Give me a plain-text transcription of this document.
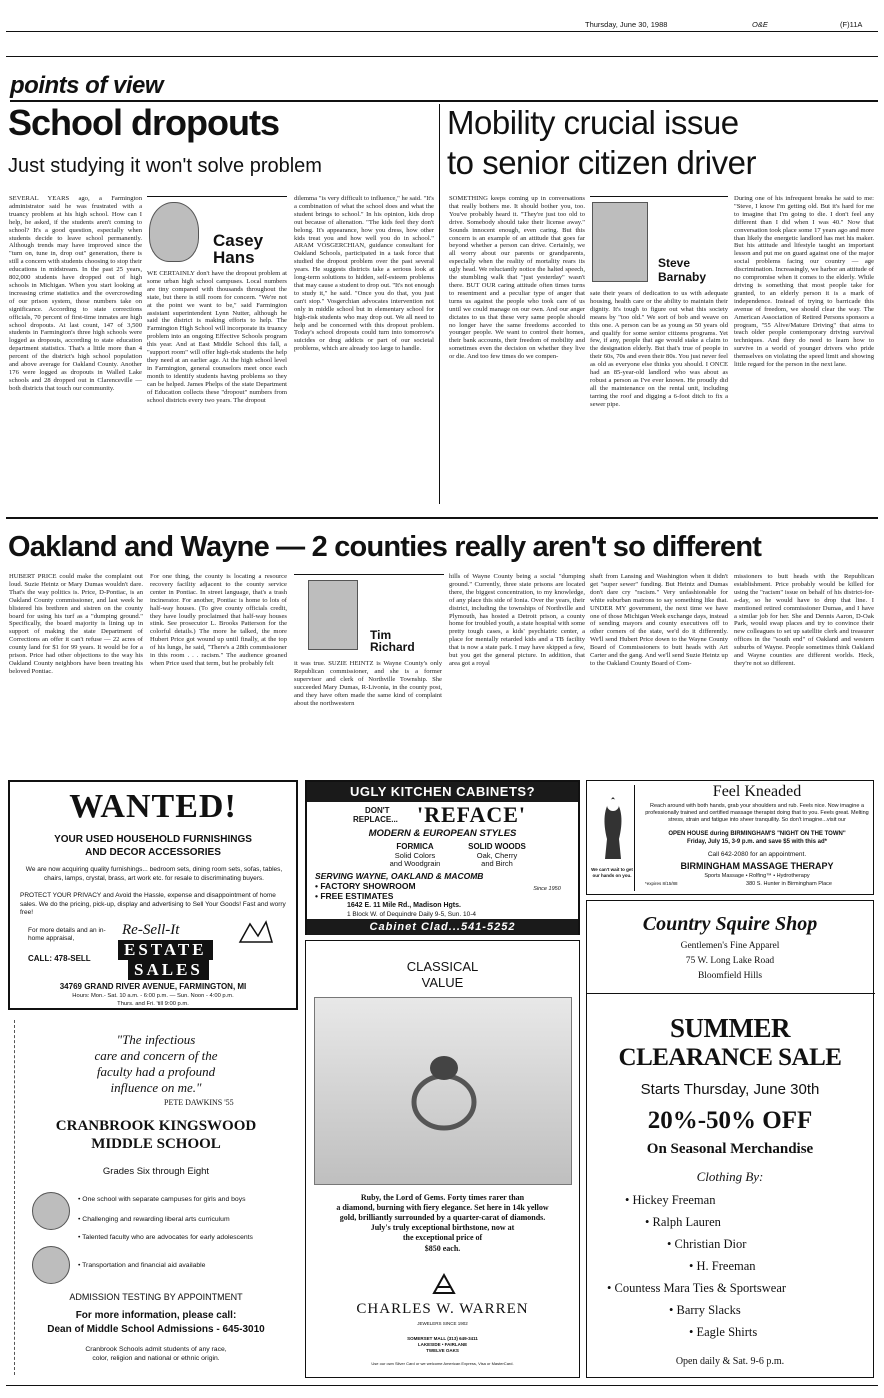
Thursday, June 30, 1988	O&E	(F)11A
points of view
School dropouts
Just studying it won't solve problem
SEVERAL YEARS ago, a Farmington administrator said he was frustrated with a truancy problem at his high school. How can I help, he asked, if the students aren't coming to school? It's a good question, especially when students decide to leave school permanently. Although trends may have improved since the "turn on, tune in, drop out" generation, there is still a concern with students choosing to stop their educations in midstream. In the past 25 years, 802,000 students have dropped out of high schools in Michigan. When you start looking at increasing crime statistics and the overcrowding of our prison system, those numbers take on significance. According to state corrections officials, 70 percent of first-time inmates are high school dropouts. At last count, 147 of 3,500 students in Farmington's three high schools were logged as dropouts, according to state education department statistics. That's a little more than 4 percent of the district's high school population and above average for Oakland County. Another 176 were logged as dropouts in Walled Lake schools and 28 dropped out in Clarenceville — both districts that touch our community.
Casey
Hans
WE CERTAINLY don't have the dropout problem at some urban high school campuses. Local numbers are tiny compared with thousands throughout the state, but there is still room for concern. "We're not at the point we want to be," said Farmington assistant superintendent Lynn Nutter, although he said the district is making efforts to help. The Farmington High School will incorporate its truancy problem into an ongoing Effective Schools program this year. And at East Middle School this fall, a "support room" will offer high-risk students the help they need at an earlier age. At the high school level in Farmington, general counselors meet once each month to identify students having problems so they can be helped. James Phelps of the state Department of Education collects these "dropout" numbers from school districts every two years. The dropout
dilemma "is very difficult to influence," he said. "It's a combination of what the school does and what the student brings to school." In his opinion, kids drop out because of alienation. "The kids feel they don't belong. It's appearance, how you dress, how other kids treat you and how well you do in school." ARAM VOSGERCHIAN, guidance consultant for Oakland Schools, participated in a task force that studied the dropout problem over the past several years. He suggests districts take a serious look at long-term solutions to hidden, self-esteem problems that may cause a student to drop out. "It's not enough to study it," he said. "Once you do that, you just can't stop." Vosgerchian advocates intervention not only in middle school but in elementary school for high-risk students who may drop out. We all need to help and be concerned with this dropout problem. Today's school dropouts could turn into tomorrow's suicides or drug addicts or part of our societal problems, which are already too large to handle.
Mobility crucial issue
to senior citizen driver
SOMETHING keeps coming up in conversations that really bothers me. It should bother you, too. You've probably heard it. "They're just too old to drive. Somebody should take their license away." Sounds innocent enough, even caring. But this concern is an example of an attitude that goes far beyond whether a person can drive. Certainly, we all worry about our parents or grandparents, especially when the reality of mortality rears its ugly head. We reluctantly notice the halted speech, the stumbling walk that "just yesterday" wasn't there. BUT OUR caring attitude often times turns to resentment and a peculiar type of anger that turns us against the people who took care of us until we could manage on our own. And our anger dictates to us that these very same people should no longer have the same freedoms accorded to younger people. We want to control their homes, their bank accounts, their freedom of mobility and sometimes even the decision on whether they live or die. And too few times do we compen-
Steve
Barnaby
sate their years of dedication to us with adequate housing, health care or the ability to maintain their dignity. It's tough to figure out what this society means by "too old." We sort of bob and weave on this one. A person can be as young as 50 years old and qualify for some senior citizens programs. Yet few, if any, people that age would stake a claim to the designation elderly. But that's true of people in their 60s, 70s and even their 80s. You just never feel as old as everyone else thinks you should. I ONCE had an 85-year-old landlord who was about as robust a person as I've ever known. He proudly did all the maintenance on the rental unit, including tarring the roof and digging a 6-foot ditch to fix a sewer pipe.
During one of his infrequent breaks he said to me: "Steve, I know I'm getting old. But it's hard for me to imagine that I'm going to die. I don't feel any different than I did when I was 40." Now that conversation took place some 17 years ago and more than likely the energetic landlord has met his maker. But his attitude and lifestyle taught an important lesson and put me on guard against one of the major social problems facing our country — age discrimination. Increasingly, we harbor an attitude of no compromise when it comes to the elderly. While driving is something that most people take for granted, to an elderly person it is a mark of independence. Instead of trying to barricade this avenue of freedom, we should clear the way. The American Association of Retired Persons sponsors a program, "55 Alive/Mature Driving" that aims to teach older people contemporary driving survival techniques. And they do need to learn how to survive in a world of younger drivers who pride themselves on violating the speed limit and showing little regard for the person in the next lane.
Oakland and Wayne — 2 counties really aren't so different
HUBERT PRICE could make the complaint out loud. Suzie Heintz or Mary Dumas wouldn't dare. That's the way politics is. Price, D-Pontiac, is an Oakland County commissioner, and last week he blistered his brethren and sistren on the county board for using his turf as a "dumping ground." Specifically, the board majority is lining up in support of making the state Department of Corrections an offer it can't refuse — 22 acres of county land for $1 for 99 years. It would be for a prison. Price had other objections to the way his Oakland County neighbors have been treating his beloved Pontiac.
For one thing, the county is locating a resource recovery facility adjacent to the county service center in Pontiac. In street language, that's a trash incinerator. For another, Pontiac is home to lots of half-way houses. (To give county officials credit, they have loudly proclaimed that half-way houses stink. See prosecutor L. Brooks Patterson for the colorful details.) The more he talked, the more Hubert Price got wound up until finally, at the top of his lungs, he said, "There's a 28th commissioner in this room . . . racism." The audience groaned when Price used that term, but he probably felt
Tim
Richard
it was true. SUZIE HEINTZ is Wayne County's only Republican commissioner, and she is a former supervisor and clerk of Northville Township. She succeeded Mary Dumas, R-Livonia, in the county post, and they have often made the same kind of complaint about the northwestern
hills of Wayne County being a social "dumping ground." Currently, three state prisons are located there, the biggest concentration, to my knowledge, of any place this side of Ionia. Over the years, their district, including the townships of Northville and Plymouth, has hosted a Detroit prison, a county home for troubled youth, a state hospital with some pretty tough cases, a kids' psychiatric center, a place for mentally retarded kids and a TB facility that is now a state park. I may have skipped a few, but you get the general picture. In addition, that area got a royal
shaft from Lansing and Washington when it didn't get "super sewer" funding. But Heintz and Dumas don't dare cry "racism." Very unfashionable for white suburban matrons to say something like that. UNDER MY government, the next time we have one of those Michigan Week exchange days, instead of sending mayors and county executives off to other corners of the state, we'd do it differently. We'll send Hubert Price down to the Wayne County Board of Commissioners to butt heads with Art Carter and the gang. And we'll send Suzie Heintz up to the Oakland County Board of Com-
missioners to butt heads with the Republican establishment. Price probably would be killed for using the "racism" issue on behalf of his district-for-a-day, so he would have to drop that line. I mentioned retired commissioner Dumas, and I have a similar job for her. She and Dennis Aaron, D-Oak Park, would swap places and try to convince their new colleagues to set up satellite clerk and treasurer offices in the "south end" of Oakland and western suburbs of Wayne. People sometimes think Oakland and Wayne counties are different worlds. Heck, they're not so different.
WANTED!
YOUR USED HOUSEHOLD FURNISHINGS
AND DECOR ACCESSORIES
We are now acquiring quality furnishings... bedroom sets, dining room sets, sofas, tables, chairs, lamps, crystal, brass, art work etc. for resale to discriminating buyers.
PROTECT YOUR PRIVACY and Avoid the Hassle, expense and disappointment of home sales. We do the pricing, pick-up, display and advertising to Sell Your Goods! Fast and worry free!
For more details and an in-home appraisal,
CALL: 478-SELL
Re-Sell-It
ESTATE
SALES
34769 GRAND RIVER AVENUE, FARMINGTON, MI
Hours: Mon.- Sat. 10 a.m. - 6:00 p.m. — Sun. Noon - 4:00 p.m.
Thurs. and Fri. 'till 9:00 p.m.
UGLY KITCHEN CABINETS?
DON'T
REPLACE... 'REFACE'
MODERN & EUROPEAN STYLES
FORMICA
Solid Colors
and Woodgrain
SOLID WOODS
Oak, Cherry
and Birch
SERVING WAYNE, OAKLAND & MACOMB
• FACTORY SHOWROOM
• FREE ESTIMATES
Since 1950
1642 E. 11 Mile Rd., Madison Hgts.
1 Block W. of Dequindre Daily 9-5, Sun. 10-4
Cabinet Clad...541-5252
We can't wait to get our hands on you.
Feel Kneaded
Reach around with both hands, grab your shoulders and rub. Feels nice. Now imagine a professionally trained and certified massage therapist doing that to you. Feels great. Melting stress, strain and fatigue into sheer tranquility. So don't imagine...visit our
OPEN HOUSE during BIRMINGHAM'S "NIGHT ON THE TOWN"
Friday, July 15, 3-9 p.m. and save $5 with this ad*
Call 642-2080 for an appointment.
BIRMINGHAM MASSAGE THERAPY
Sports Massage • Rolfing™ • Hydrotherapy
*expires 8/15/88	380 S. Hunter in Birmingham Place
Country Squire Shop
Gentlemen's Fine Apparel
75 W. Long Lake Road
Bloomfield Hills
SUMMER
CLEARANCE SALE
Starts Thursday, June 30th
20%-50% OFF
On Seasonal Merchandise
Clothing By:
• Hickey Freeman
• Ralph Lauren
• Christian Dior
• H. Freeman
• Countess Mara Ties & Sportswear
• Barry Slacks
• Eagle Shirts
Open daily & Sat. 9-6 p.m.
CLASSICAL
VALUE
Ruby, the Lord of Gems. Forty times rarer than
a diamond, burning with fiery elegance. Set here in 14k yellow
gold, brilliantly surrounded by a quarter-carat of diamonds.
July's truly exceptional birthstone, now at
the exceptional price of
$850 each.
CHARLES W. WARREN
JEWELERS SINCE 1902
SOMERSET MALL (313) 649-3411
LAKESIDE • FAIRLANE
TWELVE OAKS
Use our own Silver Card or we welcome American Express, Visa or MasterCard.
"The infectious
care and concern of the
faculty had a profound
influence on me."
PETE DAWKINS '55
CRANBROOK KINGSWOOD
MIDDLE SCHOOL
Grades Six through Eight
• One school with separate campuses for girls and boys
• Challenging and rewarding liberal arts curriculum
• Talented faculty who are advocates for early adolescents
• Transportation and financial aid available
ADMISSION TESTING BY APPOINTMENT
For more information, please call:
Dean of Middle School Admissions - 645-3010
Cranbrook Schools admit students of any race,
color, religion and national or ethnic origin.
